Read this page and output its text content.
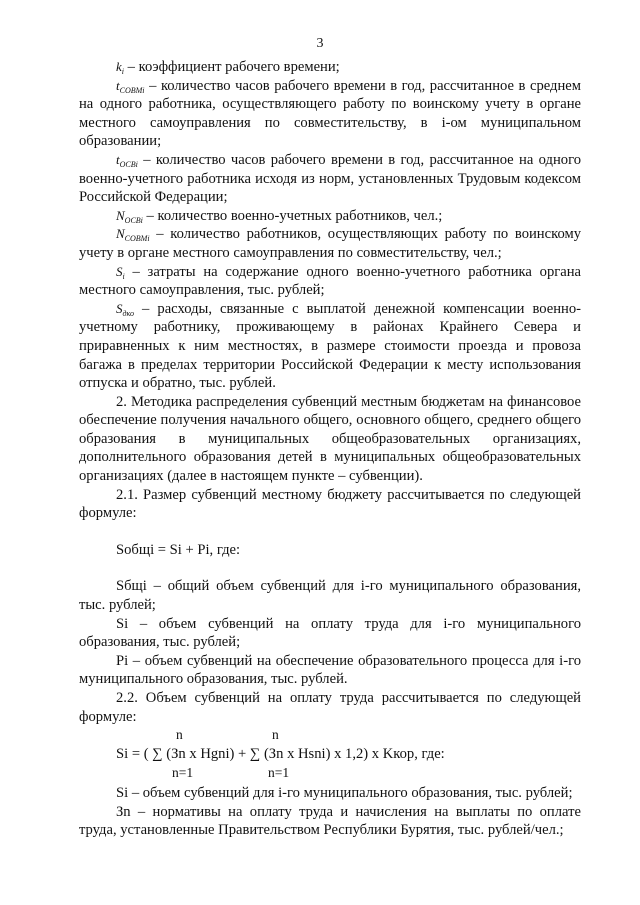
3

$k_i$ – коэффициент рабочего времени;

$t_{СОВМi}$ – количество часов рабочего времени в год, рассчитанное в среднем на одного работника, осуществляющего работу по воинскому учету в органе местного самоуправления по совместительству, в i-ом муниципальном образовании;

$t_{ОСВi}$ – количество часов рабочего времени в год, рассчитанное на одного военно-учетного работника исходя из норм, установленных Трудовым кодексом Российской Федерации;

$N_{ОСВi}$ – количество военно-учетных работников, чел.;

$N_{СОВМi}$ – количество работников, осуществляющих работу по воинскому учету в органе местного самоуправления по совместительству, чел.;

$S_i$ – затраты на содержание одного военно-учетного работника органа местного самоуправления, тыс. рублей;

$S_{дко}$ – расходы, связанные с выплатой денежной компенсации военно-учетному работнику, проживающему в районах Крайнего Севера и приравненных к ним местностях, в размере стоимости проезда и провоза багажа в пределах территории Российской Федерации к месту использования отпуска и обратно, тыс. рублей.

2. Методика распределения субвенций местным бюджетам на финансовое обеспечение получения начального общего, основного общего, среднего общего образования в муниципальных общеобразовательных организациях, дополнительного образования детей в муниципальных общеобразовательных организациях (далее в настоящем пункте – субвенции).

2.1. Размер субвенций местному бюджету рассчитывается по следующей формуле:

Sобщi = Si + Pi, где:

Sбщi – общий объем субвенций для i-го муниципального образования, тыс. рублей;

Si – объем субвенций на оплату труда для i-го муниципального образования, тыс. рублей;

Pi – объем субвенций на обеспечение образовательного процесса для i-го муниципального образования, тыс. рублей.

2.2. Объем субвенций на оплату труда рассчитывается по следующей формуле:

n	n
Si = ( ∑ (Зn x Hgni) + ∑ (Зn x Hsni) x 1,2) x Kкор, где:
n=1	n=1

Si – объем субвенций для i-го муниципального образования, тыс. рублей;

Зn – нормативы на оплату труда и начисления на выплаты по оплате труда, установленные Правительством Республики Бурятия, тыс. рублей/чел.;
